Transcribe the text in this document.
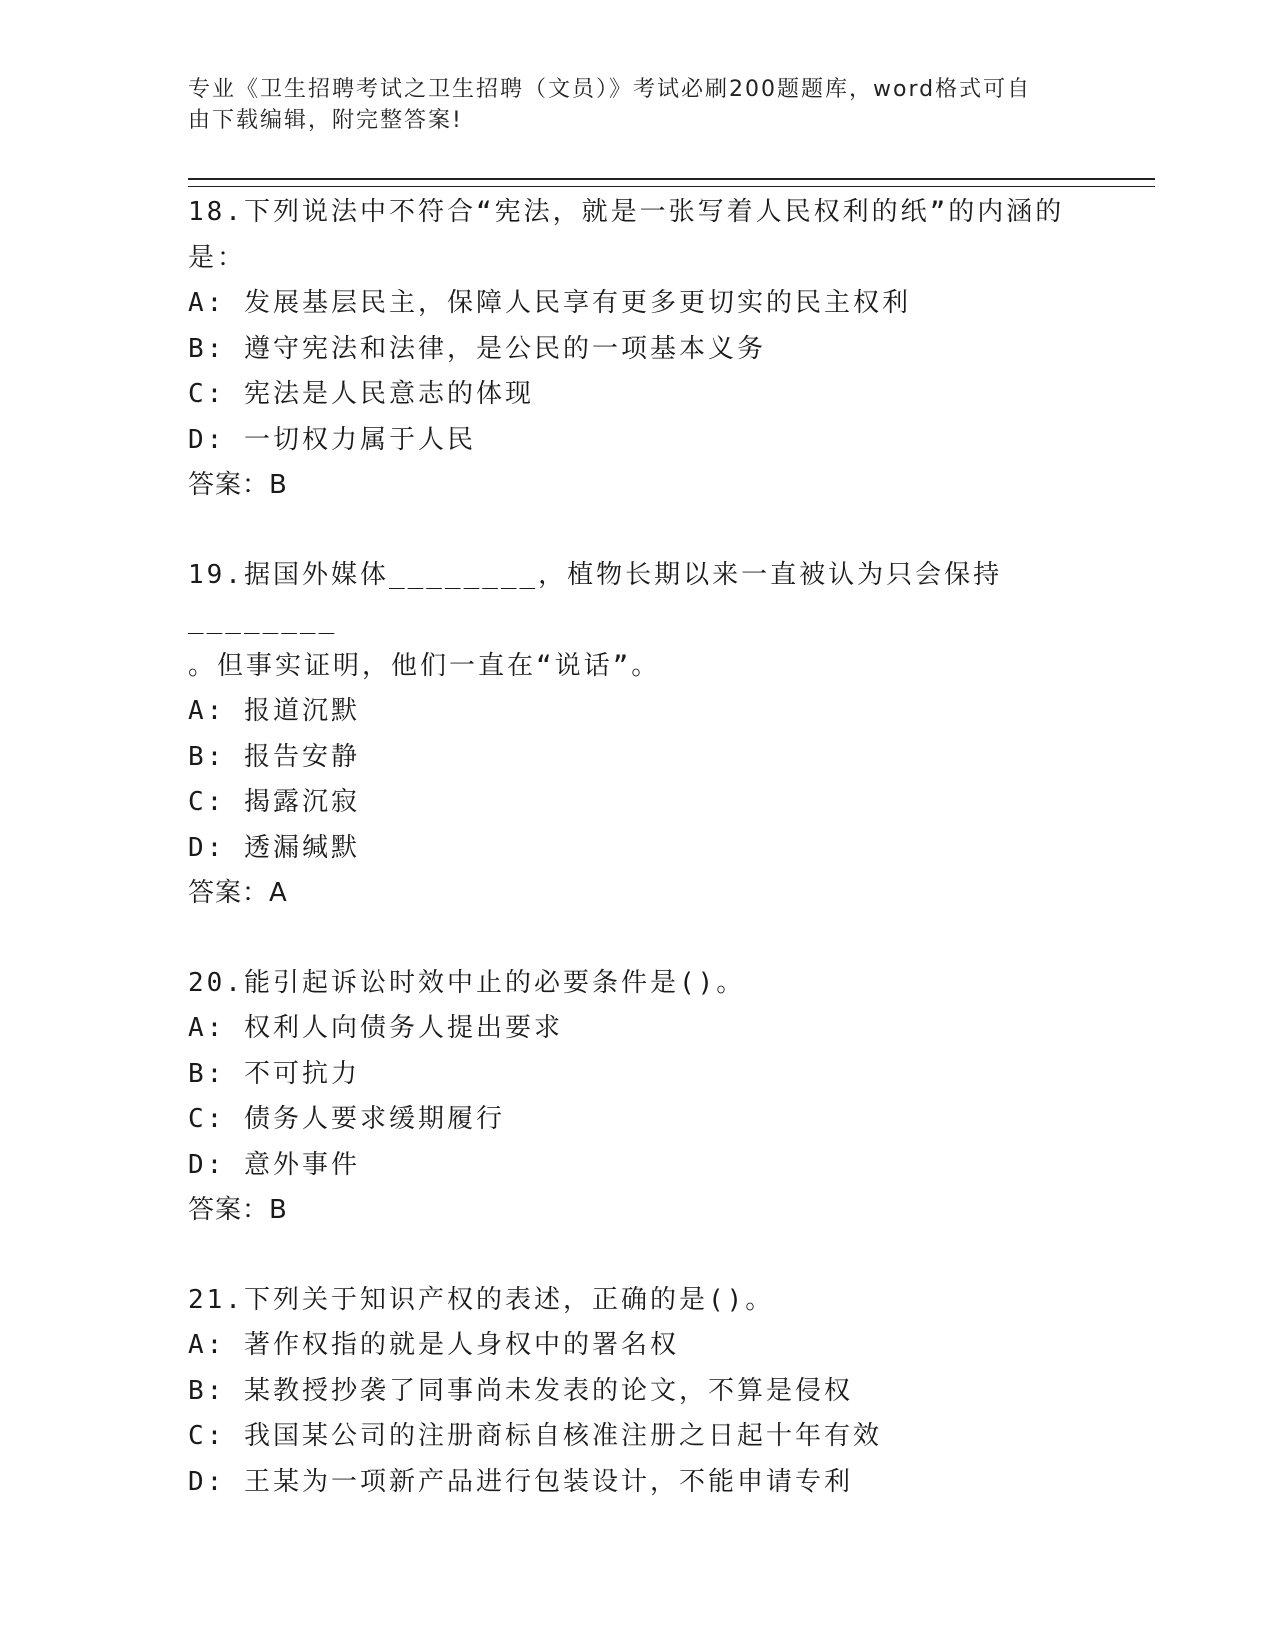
专业《卫生招聘考试之卫生招聘（文员）》考试必刷200题题库，word格式可自
由下载编辑，附完整答案!
18.下列说法中不符合“宪法，就是一张写着人民权利的纸”的内涵的
是：
A: 发展基层民主，保障人民享有更多更切实的民主权利
B: 遵守宪法和法律，是公民的一项基本义务
C: 宪法是人民意志的体现
D: 一切权力属于人民
答案：B
19.据国外媒体________，植物长期以来一直被认为只会保持________
。但事实证明，他们一直在“说话”。
A: 报道沉默
B: 报告安静
C: 揭露沉寂
D: 透漏缄默
答案：A
20.能引起诉讼时效中止的必要条件是()。
A: 权利人向债务人提出要求
B: 不可抗力
C: 债务人要求缓期履行
D: 意外事件
答案：B
21.下列关于知识产权的表述，正确的是()。
A: 著作权指的就是人身权中的署名权
B: 某教授抄袭了同事尚未发表的论文，不算是侵权
C: 我国某公司的注册商标自核准注册之日起十年有效
D: 王某为一项新产品进行包装设计，不能申请专利
